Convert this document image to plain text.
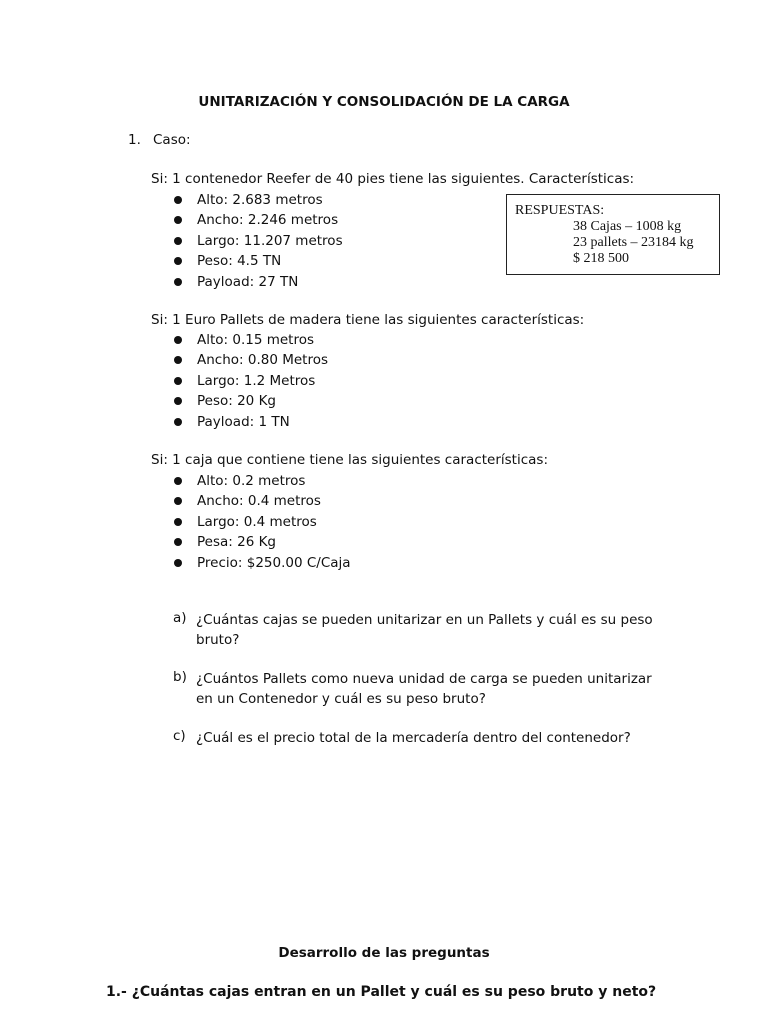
UNITARIZACIÓN Y CONSOLIDACIÓN DE LA CARGA
1. Caso:
Si: 1 contenedor Reefer de 40 pies tiene las siguientes. Características:
Alto: 2.683 metros
Ancho: 2.246 metros
Largo: 11.207 metros
Peso: 4.5 TN
Payload: 27 TN
RESPUESTAS:
38 Cajas – 1008 kg
23 pallets – 23184 kg
$ 218 500
Si: 1 Euro Pallets de madera tiene las siguientes características:
Alto: 0.15 metros
Ancho: 0.80 Metros
Largo: 1.2 Metros
Peso: 20 Kg
Payload: 1 TN
Si: 1 caja que contiene tiene las siguientes características:
Alto: 0.2 metros
Ancho: 0.4 metros
Largo: 0.4 metros
Pesa: 26 Kg
Precio: $250.00 C/Caja
a) ¿Cuántas cajas se pueden unitarizar en un Pallets y cuál es su peso bruto?
b) ¿Cuántos Pallets como nueva unidad de carga se pueden unitarizar en un Contenedor y cuál es su peso bruto?
c) ¿Cuál es el precio total de la mercadería dentro del contenedor?
Desarrollo de las preguntas
1.- ¿Cuántas cajas entran en un Pallet y cuál es su peso bruto y neto?
